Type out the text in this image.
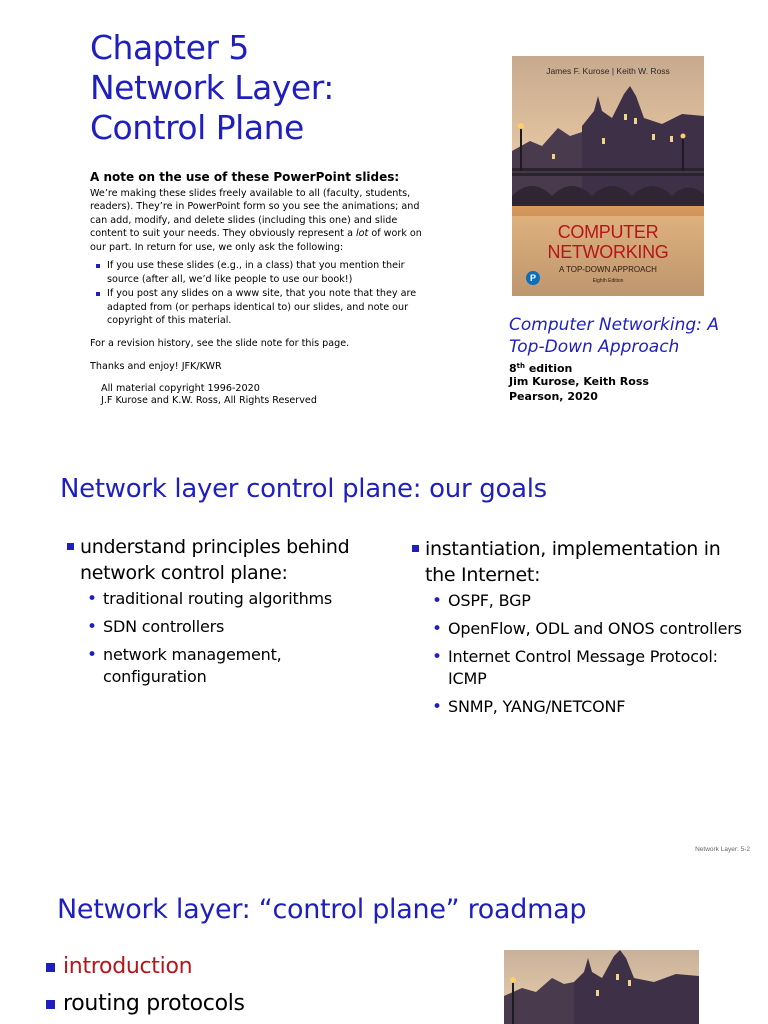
Chapter 5
Network Layer:
Control Plane
A note on the use of these PowerPoint slides:

We’re making these slides freely available to all (faculty, students, readers). They’re in PowerPoint form so you see the animations; and can add, modify, and delete slides (including this one) and slide content to suit your needs. They obviously represent a lot of work on our part. In return for use, we only ask the following:

If you use these slides (e.g., in a class) that you mention their source (after all, we’d like people to use our book!)
If you post any slides on a www site, that you note that they are adapted from (or perhaps identical to) our slides, and note our copyright of this material.

For a revision history, see the slide note for this page.

Thanks and enjoy! JFK/KWR

All material copyright 1996-2020
J.F Kurose and K.W. Ross, All Rights Reserved
James F. Kurose | Keith W. Ross
COMPUTER
NETWORKING
A TOP-DOWN APPROACH
Eighth Edition
P
Computer Networking: A Top-Down Approach
8th edition
Jim Kurose, Keith Ross
Pearson, 2020
Network layer control plane: our goals
understand principles behind network control plane:
• traditional routing algorithms
• SDN controllers
• network management, configuration
instantiation, implementation in the Internet:
• OSPF, BGP
• OpenFlow, ODL and ONOS controllers
• Internet Control Message Protocol: ICMP
• SNMP, YANG/NETCONF
Network Layer: 5-2
Network layer: “control plane” roadmap
introduction
routing protocols
